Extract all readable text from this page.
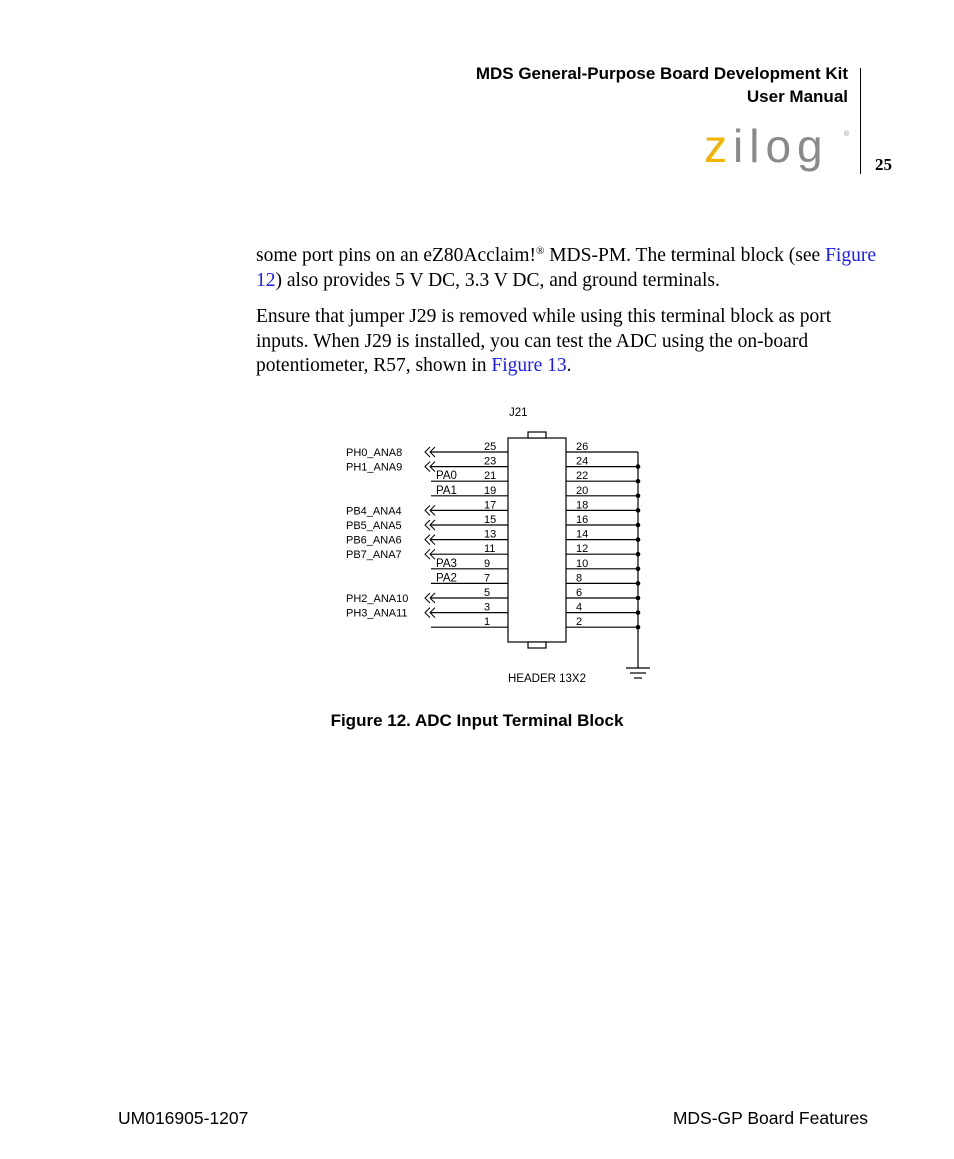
MDS General-Purpose Board Development Kit
User Manual
zilog ®
25

some port pins on an eZ80Acclaim!® MDS-PM. The terminal block (see Figure 12) also provides 5 V DC, 3.3 V DC, and ground terminals.

Ensure that jumper J29 is removed while using this terminal block as port inputs. When J29 is installed, you can test the ADC using the on-board potentiometer, R57, shown in Figure 13.

J21
HEADER 13X2
25
23
21
19
17
15
13
11
9
7
5
3
1
26
24
22
20
18
16
14
12
10
8
6
4
2
PH0_ANA8
PH1_ANA9
PB4_ANA4
PB5_ANA5
PB6_ANA6
PB7_ANA7
PH2_ANA10
PH3_ANA11
PA0
PA1
PA3
PA2
Figure 12. ADC Input Terminal Block
UM016905-1207	MDS-GP Board Features
